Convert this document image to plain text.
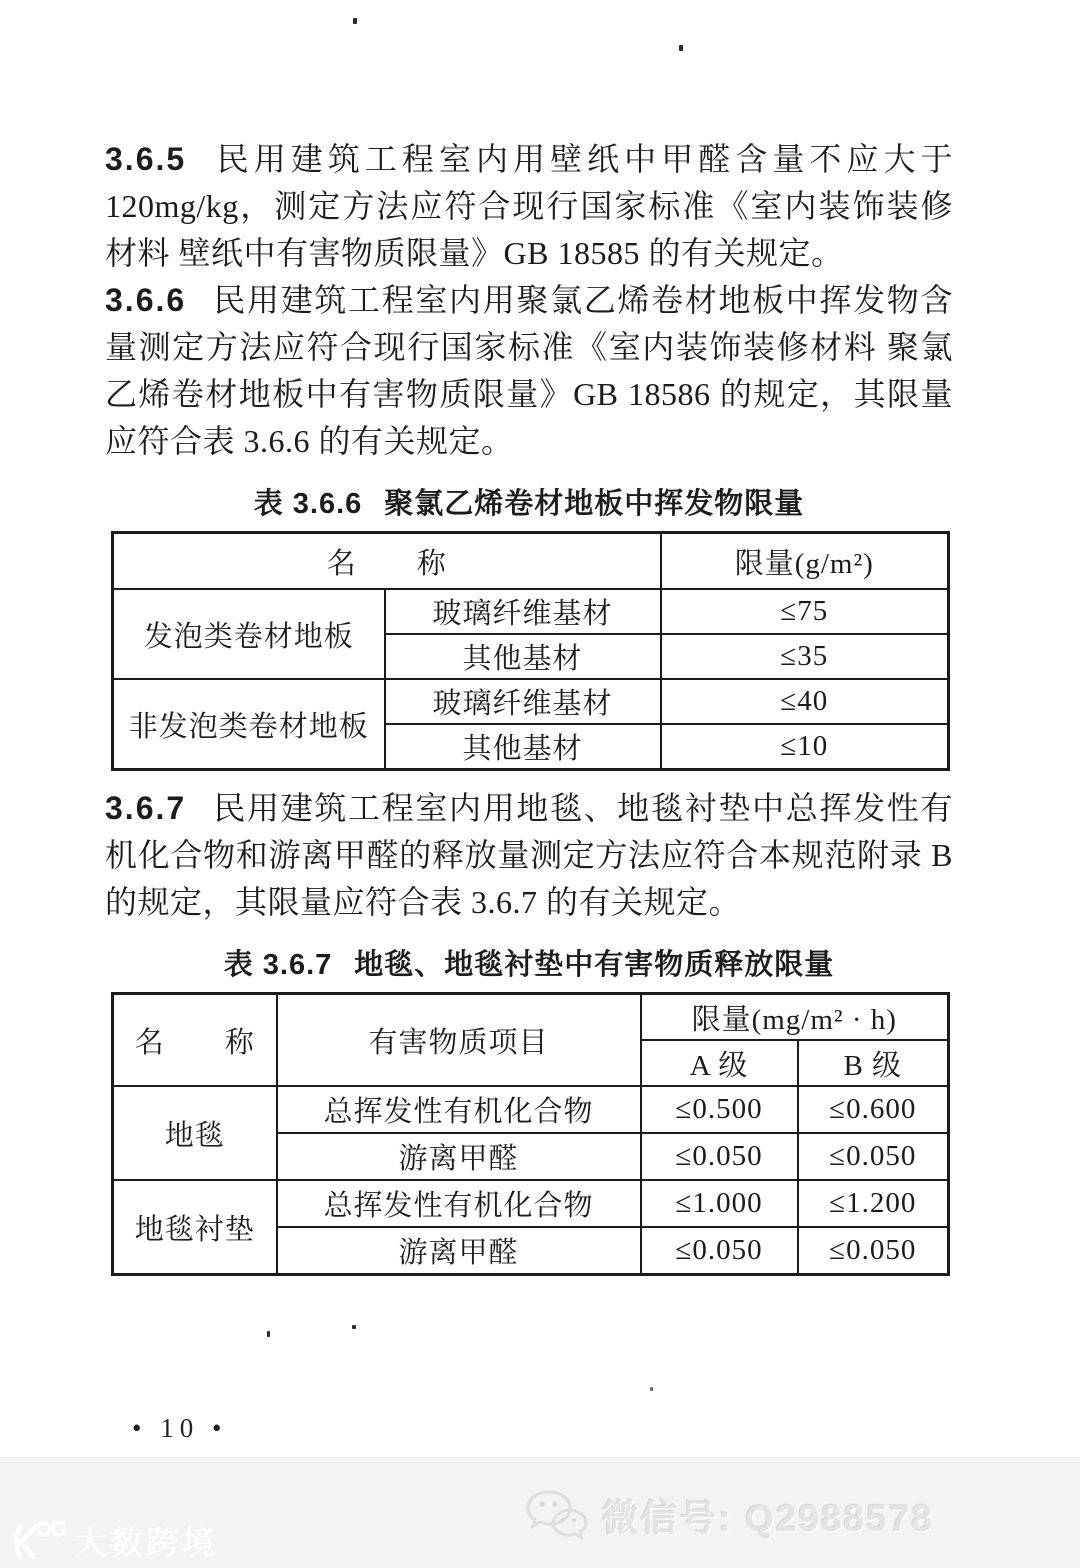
3.6.5 民用建筑工程室内用壁纸中甲醛含量不应大于 120mg/kg，测定方法应符合现行国家标准《室内装饰装修材料 壁纸中有害物质限量》GB 18585 的有关规定。

3.6.6 民用建筑工程室内用聚氯乙烯卷材地板中挥发物含量测定方法应符合现行国家标准《室内装饰装修材料 聚氯乙烯卷材地板中有害物质限量》GB 18586 的规定，其限量应符合表 3.6.6 的有关规定。

表 3.6.6 聚氯乙烯卷材地板中挥发物限量
名　　称		限量(g/m²)
发泡类卷材地板	玻璃纤维基材	≤75
	其他基材	≤35
非发泡类卷材地板	玻璃纤维基材	≤40
	其他基材	≤10

3.6.7 民用建筑工程室内用地毯、地毯衬垫中总挥发性有机化合物和游离甲醛的释放量测定方法应符合本规范附录 B 的规定，其限量应符合表 3.6.7 的有关规定。

表 3.6.7 地毯、地毯衬垫中有害物质释放限量
名　　称	有害物质项目	限量(mg/m² · h)	
		A 级	B 级
地毯	总挥发性有机化合物	≤0.500	≤0.600
	游离甲醛	≤0.050	≤0.050
地毯衬垫	总挥发性有机化合物	≤1.000	≤1.200
	游离甲醛	≤0.050	≤0.050
• 10 •
大数跨境
微信号: Q2988578
